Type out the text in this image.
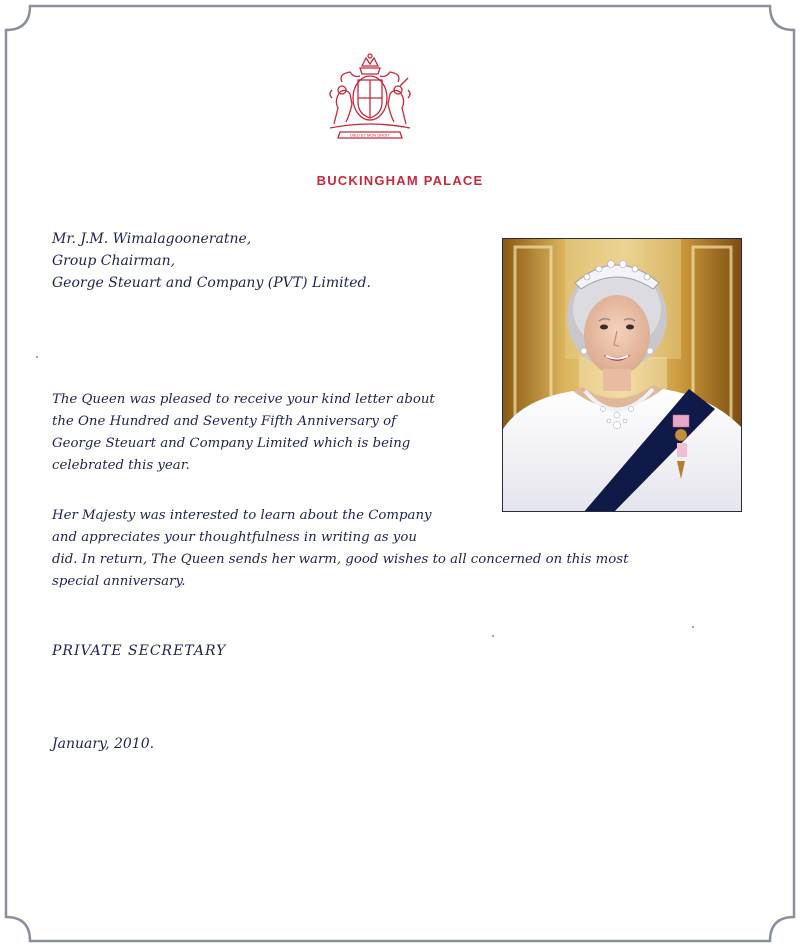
DIEU ET MON DROIT
BUCKINGHAM PALACE
Mr. J.M. Wimalagooneratne,
Group Chairman,
George Steuart and Company (PVT) Limited.
The Queen was pleased to receive your kind letter about
the One Hundred and Seventy Fifth Anniversary of
George Steuart and Company Limited which is being
celebrated this year.
Her Majesty was interested to learn about the Company
and appreciates your thoughtfulness in writing as you
did. In return, The Queen sends her warm, good wishes to all concerned on this most
special anniversary.
PRIVATE SECRETARY
January, 2010.
